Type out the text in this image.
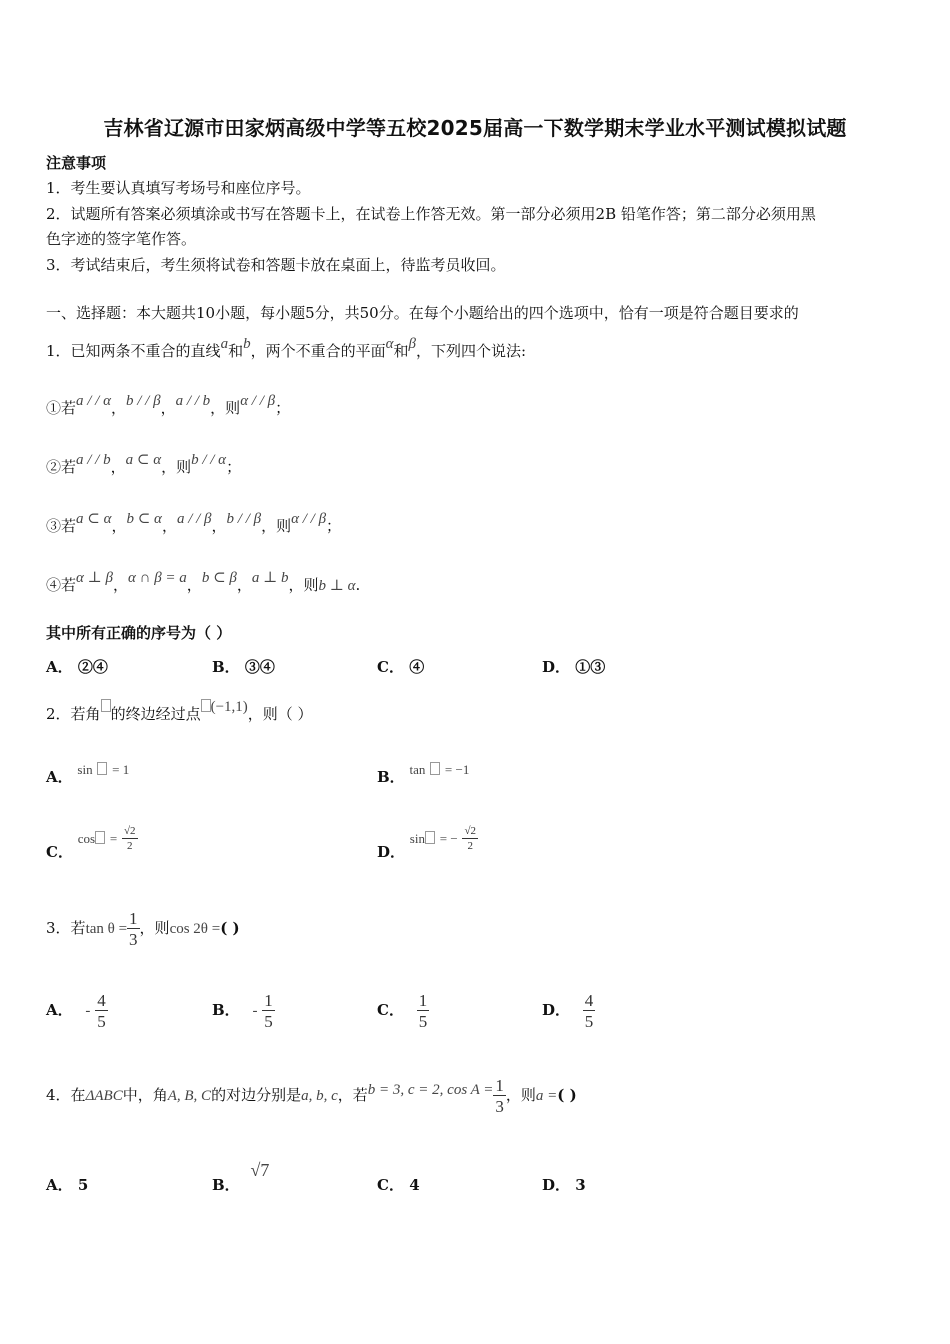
吉林省辽源市田家炳高级中学等五校2025届高一下数学期末学业水平测试模拟试题
注意事项
1．考生要认真填写考场号和座位序号。
2．试题所有答案必须填涂或书写在答题卡上，在试卷上作答无效。第一部分必须用2B 铅笔作答；第二部分必须用黑
色字迹的签字笔作答。
3．考试结束后，考生须将试卷和答题卡放在桌面上，待监考员收回。
一、选择题：本大题共10小题，每小题5分，共50分。在每个小题给出的四个选项中，恰有一项是符合题目要求的
1．已知两条不重合的直线a和b，两个不重合的平面α和β，下列四个说法:
①若a / / α，b / / β，a / / b，则α / / β；
②若a / / b，a ⊂ α，则b / / α；
③若a ⊂ α，b ⊂ α，a / / β，b / / β，则α / / β；
④若α ⊥ β，α ∩ β = a，b ⊂ β，a ⊥ b，则b ⊥ α.
其中所有正确的序号为（ ）
A． ②④	B． ③④	C． ④	D． ①③
2．若角 的终边经过点 (−1,1)，则（ ）
A． sin = 1	B． tan = −1
C． $\cos = \frac{√2}{2}$	D． sin = − $\frac{√2}{2}$
3．若$\tan \theta = \frac{1}{3}$ ，则cos 2θ =( )
A． - $\frac{4}{5}$	B． - $\frac{1}{5}$	C． $\frac{1}{5}$	D． $\frac{4}{5}$
4．在ΔABC中，角A, B, C的对边分别是a, b, c，若b = 3, c = 2, $\cos A = \frac{1}{3}$ ，则a =( )
A． 5	B． √7
C． 4	D． 3
